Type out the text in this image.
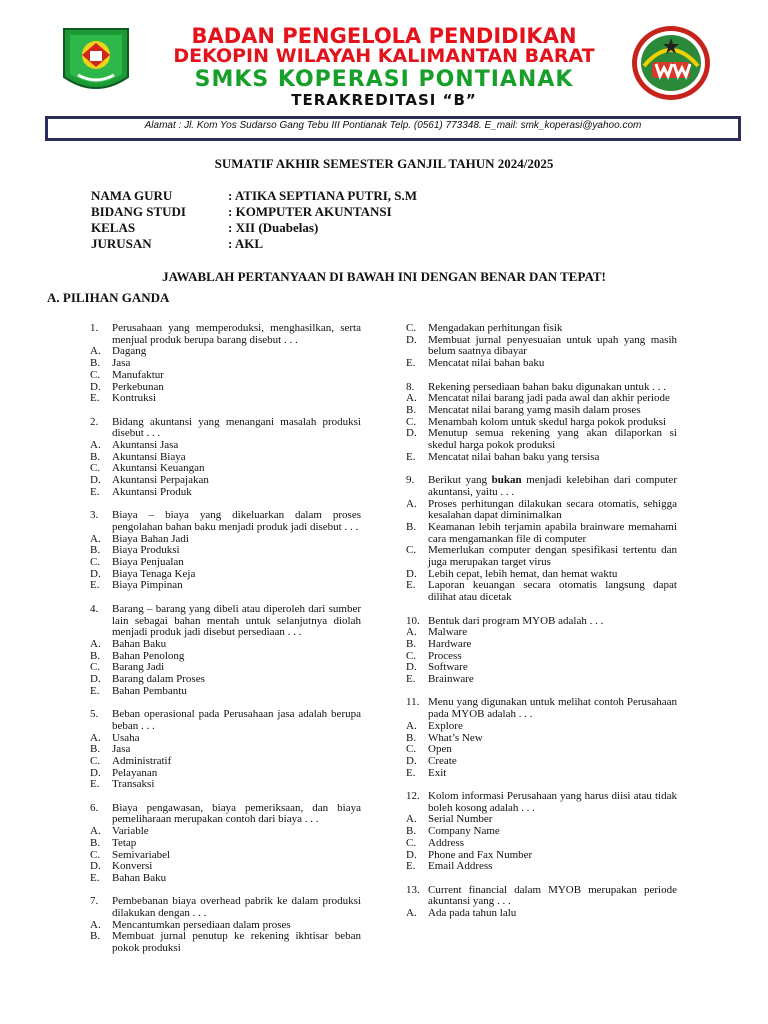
BADAN PENGELOLA PENDIDIKAN
DEKOPIN WILAYAH KALIMANTAN BARAT
SMKS KOPERASI PONTIANAK
TERAKREDITASI “B”
Alamat : Jl. Kom Yos Sudarso Gang Tebu III Pontianak Telp. (0561) 773348. E_mail: smk_koperasi@yahoo.com
SUMATIF AKHIR SEMESTER GANJIL TAHUN 2024/2025
NAMA GURU	: ATIKA SEPTIANA PUTRI, S.M
BIDANG STUDI	: KOMPUTER AKUNTANSI
KELAS	: XII (Duabelas)
JURUSAN	: AKL
JAWABLAH PERTANYAAN DI BAWAH INI DENGAN BENAR DAN TEPAT!
A. PILIHAN GANDA
1. Perusahaan yang memperoduksi, menghasilkan, serta menjual produk berupa barang disebut . . .
A. Dagang
B. Jasa
C. Manufaktur
D. Perkebunan
E. Kontruksi
2. Bidang akuntansi yang menangani masalah produksi disebut . . .
A. Akuntansi Jasa
B. Akuntansi Biaya
C. Akuntansi Keuangan
D. Akuntansi Perpajakan
E. Akuntansi Produk
3. Biaya – biaya yang dikeluarkan dalam proses pengolahan bahan baku menjadi produk jadi disebut . . .
A. Biaya Bahan Jadi
B. Biaya Produksi
C. Biaya Penjualan
D. Biaya Tenaga Keja
E. Biaya Pimpinan
4. Barang – barang yang dibeli atau diperoleh dari sumber lain sebagai bahan mentah untuk selanjutnya diolah menjadi produk jadi disebut persediaan . . .
A. Bahan Baku
B. Bahan Penolong
C. Barang Jadi
D. Barang dalam Proses
E. Bahan Pembantu
5. Beban operasional pada Perusahaan jasa adalah berupa beban . . .
A. Usaha
B. Jasa
C. Administratif
D. Pelayanan
E. Transaksi
6. Biaya pengawasan, biaya pemeriksaan, dan biaya pemeliharaan merupakan contoh dari biaya . . .
A. Variable
B. Tetap
C. Semivariabel
D. Konversi
E. Bahan Baku
7. Pembebanan biaya overhead pabrik ke dalam produksi dilakukan dengan . . .
A. Mencantumkan persediaan dalam proses
B. Membuat jurnal penutup ke rekening ikhtisar beban pokok produksi
C. Mengadakan perhitungan fisik
D. Membuat jurnal penyesuaian untuk upah yang masih belum saatnya dibayar
E. Mencatat nilai bahan baku
8. Rekening persediaan bahan baku digunakan untuk . . .
A. Mencatat nilai barang jadi pada awal dan akhir periode
B. Mencatat nilai barang yamg masih dalam proses
C. Menambah kolom untuk skedul harga pokok produksi
D. Menutup semua rekening yang akan dilaporkan si skedul harga pokok produksi
E. Mencatat nilai bahan baku yang tersisa
9. Berikut yang bukan menjadi kelebihan dari computer akuntansi, yaitu . . .
A. Proses perhitungan dilakukan secara otomatis, sehigga kesalahan dapat diminimalkan
B. Keamanan lebih terjamin apabila brainware memahami cara mengamankan file di computer
C. Memerlukan computer dengan spesifikasi tertentu dan juga merupakan target virus
D. Lebih cepat, lebih hemat, dan hemat waktu
E. Laporan keuangan secara otomatis langsung dapat dilihat atau dicetak
10. Bentuk dari program MYOB adalah . . .
A. Malware
B. Hardware
C. Process
D. Software
E. Brainware
11. Menu yang digunakan untuk melihat contoh Perusahaan pada MYOB adalah . . .
A. Explore
B. What’s New
C. Open
D. Create
E. Exit
12. Kolom informasi Perusahaan yang harus diisi atau tidak boleh kosong adalah . . .
A. Serial Number
B. Company Name
C. Address
D. Phone and Fax Number
E. Email Address
13. Current financial dalam MYOB merupakan periode akuntansi yang . . .
A. Ada pada tahun lalu
